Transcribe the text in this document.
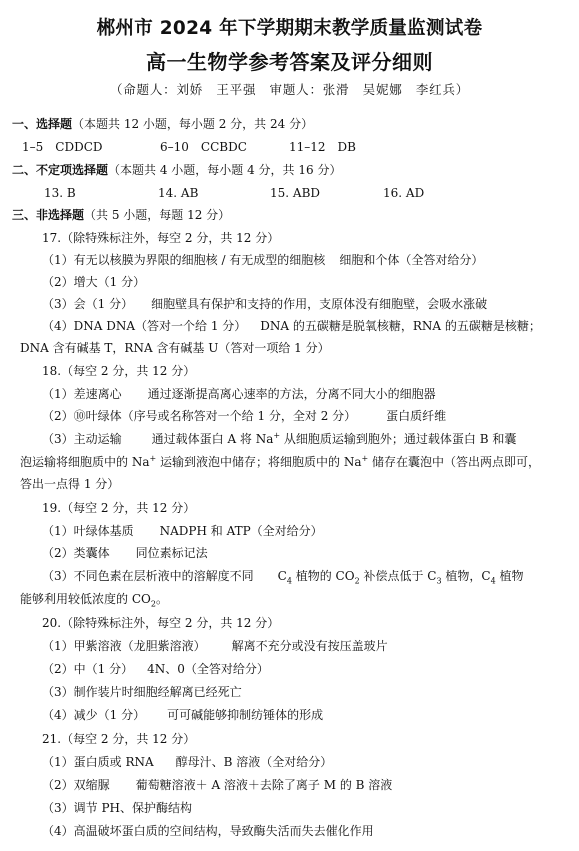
郴州市 2024 年下学期期末教学质量监测试卷
高一生物学参考答案及评分细则
（命题人：刘娇　王平强　审题人：张滑　吴妮娜　李红兵）
一、选择题（本题共 12 小题，每小题 2 分，共 24 分）
1–5　CDDCD	6–10　CCBDC	11–12　DB
二、不定项选择题（本题共 4 小题，每小题 4 分，共 16 分）
13. B	14. AB	15. ABD	16. AD
三、非选择题（共 5 小题，每题 12 分）
17.（除特殊标注外，每空 2 分，共 12 分）
（1）有无以核膜为界限的细胞核 / 有无成型的细胞核 细胞和个体（全答对给分）
（2）增大（1 分）
（3）会（1 分） 细胞壁具有保护和支持的作用，支原体没有细胞壁，会吸水涨破
（4）DNA DNA（答对一个给 1 分） DNA 的五碳糖是脱氧核糖，RNA 的五碳糖是核糖；
DNA 含有碱基 T，RNA 含有碱基 U（答对一项给 1 分）
18.（每空 2 分，共 12 分）
（1）差速离心 通过逐渐提高离心速率的方法，分离不同大小的细胞器
（2）⑩叶绿体（序号或名称答对一个给 1 分，全对 2 分）	蛋白质纤维
（3）主动运输	通过载体蛋白 A 将 Na+ 从细胞质运输到胞外；通过载体蛋白 B 和囊
泡运输将细胞质中的 Na+ 运输到液泡中储存；将细胞质中的 Na+ 储存在囊泡中（答出两点即可，
答出一点得 1 分）
19.（每空 2 分，共 12 分）
（1）叶绿体基质 NADPH 和 ATP（全对给分）
（2）类囊体 同位素标记法
（3）不同色素在层析液中的溶解度不同 $C_4$ 植物的 $CO_2$ 补偿点低于 $C_3$ 植物，$C_4$ 植物
能够利用较低浓度的 $CO_2$。
20.（除特殊标注外，每空 2 分，共 12 分）
（1）甲紫溶液（龙胆紫溶液） 解离不充分或没有按压盖玻片
（2）中（1 分） 4N、0（全答对给分）
（3）制作装片时细胞经解离已经死亡
（4）减少（1 分） 可可碱能够抑制纺锤体的形成
21.（每空 2 分，共 12 分）
（1）蛋白质或 RNA 醇母汁、B 溶液（全对给分）
（2）双缩脲 葡萄糖溶液＋ A 溶液＋去除了离子 M 的 B 溶液
（3）调节 PH、保护酶结构
（4）高温破坏蛋白质的空间结构，导致酶失活而失去催化作用
